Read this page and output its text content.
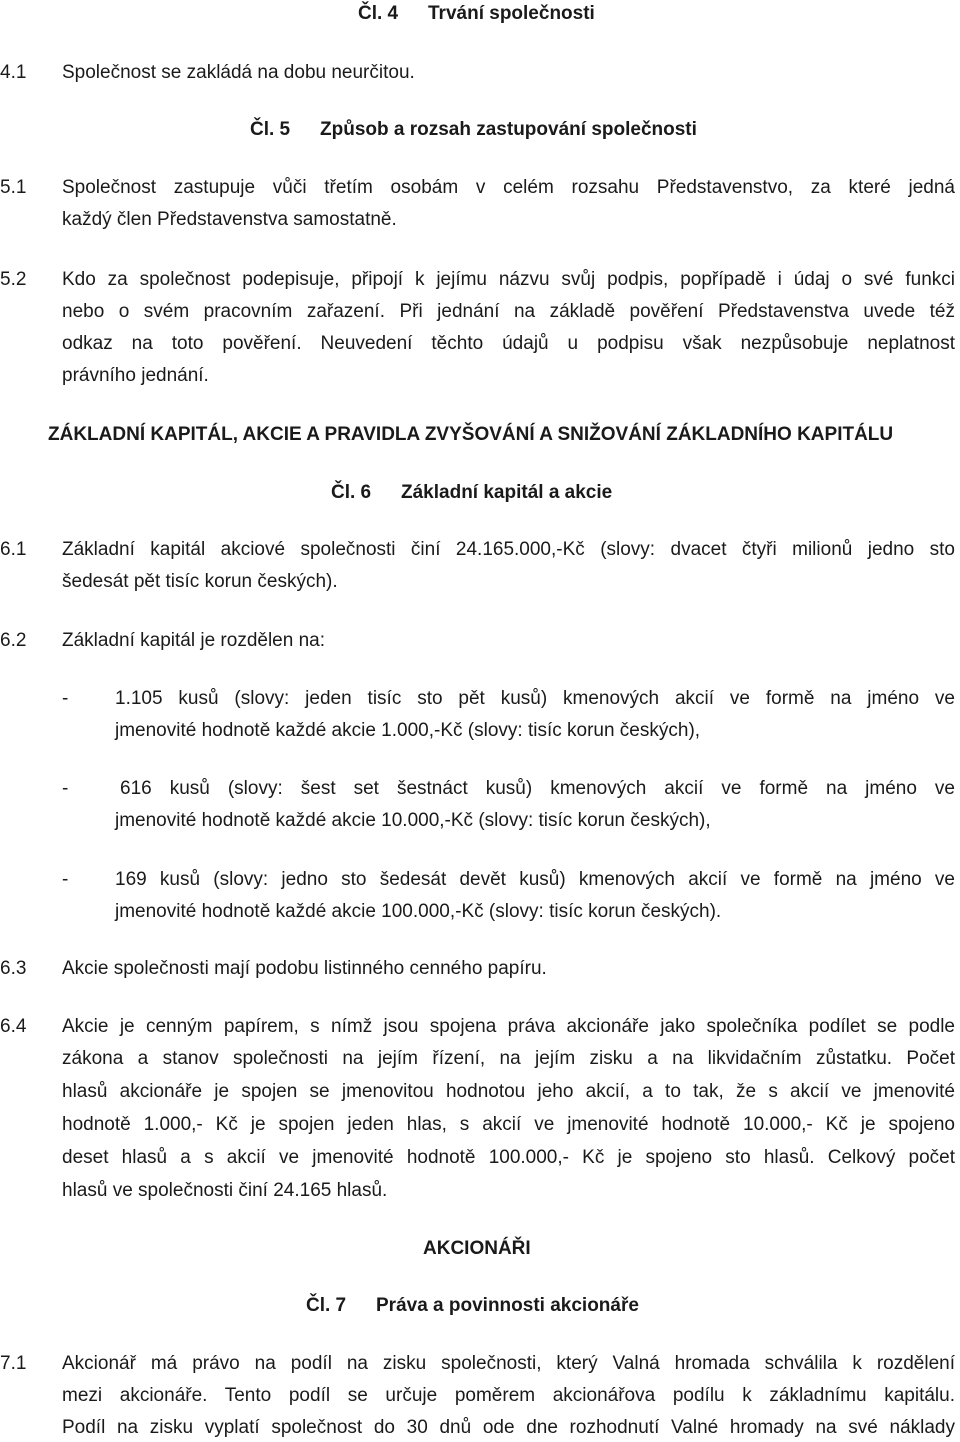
Čl. 4 Trvání společnosti
4.1 Společnost se zakládá na dobu neurčitou.
Čl. 5 Způsob a rozsah zastupování společnosti
5.1 Společnost zastupuje vůči třetím osobám v celém rozsahu Představenstvo, za které jedná
každý člen Představenstva samostatně.
5.2 Kdo za společnost podepisuje, připojí k jejímu názvu svůj podpis, popřípadě i údaj o své funkci
nebo o svém pracovním zařazení. Při jednání na základě pověření Představenstva uvede též
odkaz na toto pověření. Neuvedení těchto údajů u podpisu však nezpůsobuje neplatnost
právního jednání.
ZÁKLADNÍ KAPITÁL, AKCIE A PRAVIDLA ZVYŠOVÁNÍ A SNIŽOVÁNÍ ZÁKLADNÍHO KAPITÁLU
Čl. 6 Základní kapitál a akcie
6.1 Základní kapitál akciové společnosti činí 24.165.000,-Kč (slovy: dvacet čtyři milionů jedno sto
šedesát pět tisíc korun českých).
6.2 Základní kapitál je rozdělen na:
- 1.105 kusů (slovy: jeden tisíc sto pět kusů) kmenových akcií ve formě na jméno ve
jmenovité hodnotě každé akcie 1.000,-Kč (slovy: tisíc korun českých),
-	616 kusů (slovy: šest set šestnáct kusů) kmenových akcií ve formě na jméno ve
jmenovité hodnotě každé akcie 10.000,-Kč (slovy: tisíc korun českých),
- 169 kusů (slovy: jedno sto šedesát devět kusů) kmenových akcií ve formě na jméno ve
jmenovité hodnotě každé akcie 100.000,-Kč (slovy: tisíc korun českých).
6.3 Akcie společnosti mají podobu listinného cenného papíru.
6.4 Akcie je cenným papírem, s nímž jsou spojena práva akcionáře jako společníka podílet se podle
zákona a stanov společnosti na jejím řízení, na jejím zisku a na likvidačním zůstatku. Počet
hlasů akcionáře je spojen se jmenovitou hodnotou jeho akcií, a to tak, že s akcií ve jmenovité
hodnotě 1.000,- Kč je spojen jeden hlas, s akcií ve jmenovité hodnotě 10.000,- Kč je spojeno
deset hlasů a s akcií ve jmenovité hodnotě 100.000,- Kč je spojeno sto hlasů. Celkový počet
hlasů ve společnosti činí 24.165 hlasů.
AKCIONÁŘI
Čl. 7 Práva a povinnosti akcionáře
7.1 Akcionář má právo na podíl na zisku společnosti, který Valná hromada schválila k rozdělení
mezi akcionáře. Tento podíl se určuje poměrem akcionářova podílu k základnímu kapitálu.
Podíl na zisku vyplatí společnost do 30 dnů ode dne rozhodnutí Valné hromady na své náklady
